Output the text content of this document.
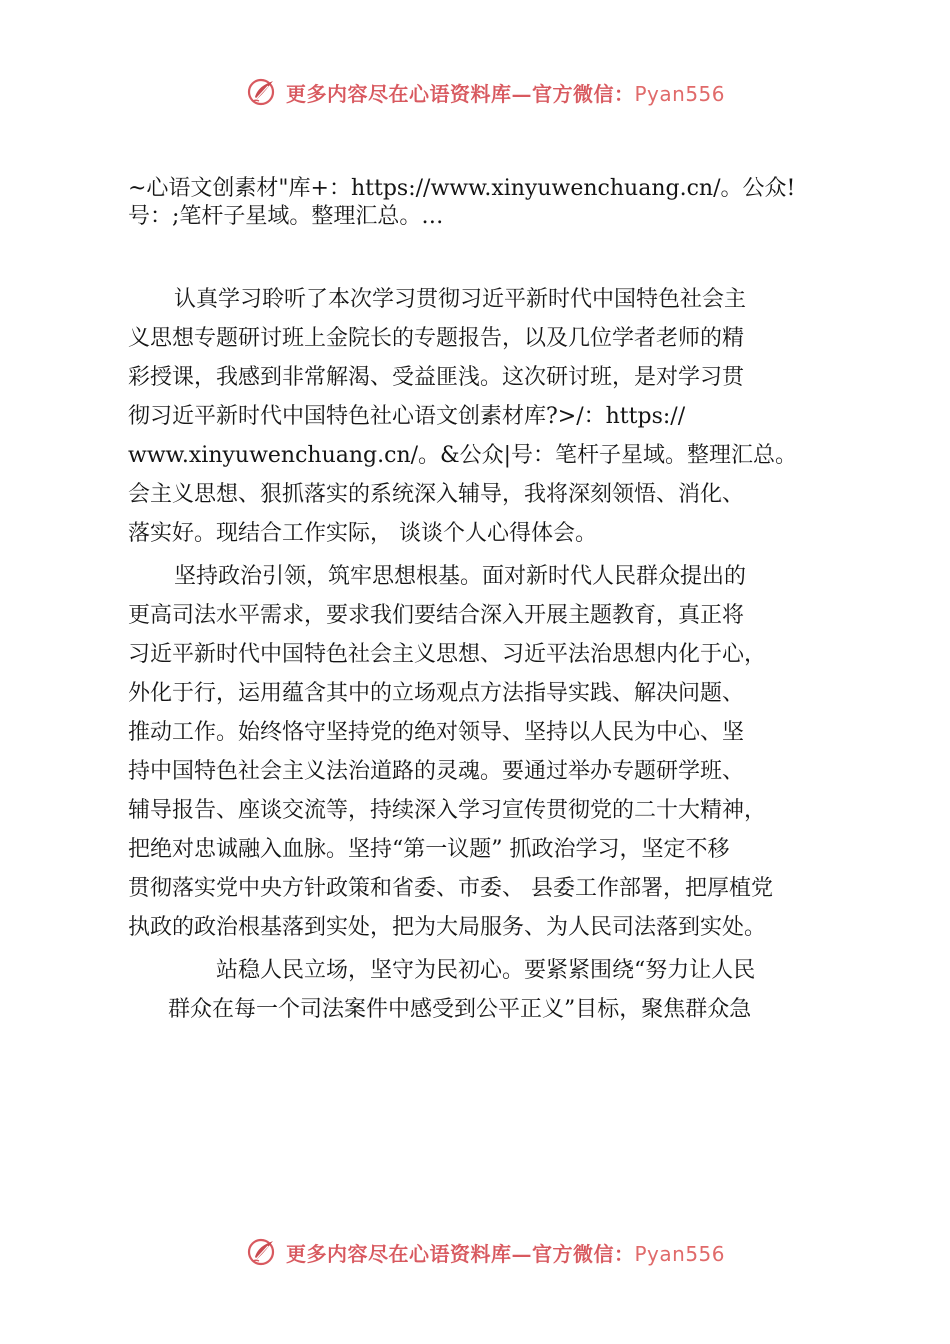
更多内容尽在心语资料库—官方微信：Pyan556
~心语文创素材"库+：https://www.xinyuwenchuang.cn/。公众!
号：;笔杆子星域。整理汇总。…
认真学习聆听了本次学习贯彻习近平新时代中国特色社会主
义思想专题研讨班上金院长的专题报告，以及几位学者老师的精
彩授课，我感到非常解渴、受益匪浅。这次研讨班，是对学习贯
彻习近平新时代中国特色社心语文创素材库?>/：https://
www.xinyuwenchuang.cn/。&公众|号：笔杆子星域。整理汇总。
会主义思想、狠抓落实的系统深入辅导，我将深刻领悟、消化、
落实好。现结合工作实际， 谈谈个人心得体会。
坚持政治引领，筑牢思想根基。面对新时代人民群众提出的
更高司法水平需求，要求我们要结合深入开展主题教育，真正将
习近平新时代中国特色社会主义思想、习近平法治思想内化于心，
外化于行，运用蕴含其中的立场观点方法指导实践、解决问题、
推动工作。始终恪守坚持党的绝对领导、坚持以人民为中心、坚
持中国特色社会主义法治道路的灵魂。要通过举办专题研学班、
辅导报告、座谈交流等，持续深入学习宣传贯彻党的二十大精神，
把绝对忠诚融入血脉。坚持“第一议题” 抓政治学习，坚定不移
贯彻落实党中央方针政策和省委、市委、 县委工作部署，把厚植党
执政的政治根基落到实处，把为大局服务、为人民司法落到实处。
站稳人民立场，坚守为民初心。要紧紧围绕“努力让人民
群众在每一个司法案件中感受到公平正义”目标，聚焦群众急
更多内容尽在心语资料库—官方微信：Pyan556
